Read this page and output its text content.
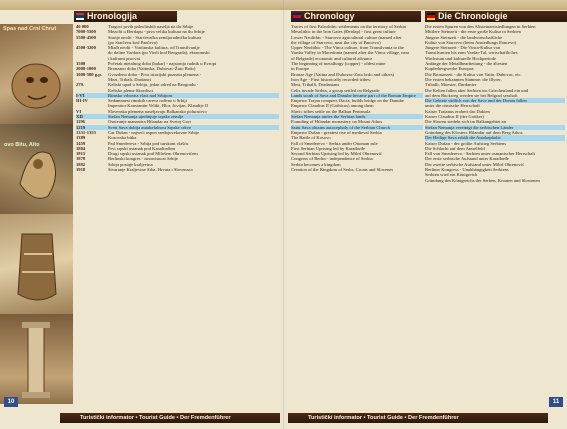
Hronologija	Chronology	Die Chronologie
Spas nad Crni Chrut
ovo Bitu, Alto
40 000	Tragovi prvih paleolitskih naselja na tlu Srbije
7000-5500	Mezolit u Đerdapu - prva velika kultura na tlu Srbije
5500-4500	Starije neolit - Starčevačka zemljoradnička kultura
(po Starčevu kod Pančeva)
4500-3200	Mlađi neolit - Vinčanska kultura, od Transilvanije
do doline Vardara (po Vinči kod Beograda), ekonomski
i kulturni procvat
3500	Početak metalnog doba (bakar) - najstarija rudnik u Evropi
2000-1000	Bronzano doba (Vatinska, Dubovac-Žuto Brdo)
1000-500 g.p.	Gvozdeno doba - Prva istorijski poznata plemena -
Mezi, Tribali, Dardanci
279.	Keltski upad u Srbiju, jedan odred na Beogradu -
Keltsko pleme Skordisci
I-VI	Rimsko vrhovna vlast nad Srbijom
III-IV	Sedamnaest rimskih careva rođeno u Srbiji
Imperator Konstantin Veliki, Hlor, Jovijan, Klaudije II
VI	Slovenska plemena naseljavaju Balkansko poluostrvo
XII	Stefan Nemanja ujedinjuje srpske zemlje
1196	Osnivanje manastira Hilandar na Svetoj Gori
1219	Sveti Sava dobija autokefalnost Srpske crkve
1331-1355	Car Dušan - najveći uspon srednjovekovne Srbije
1389	Kosovska bitka
1459	Pad Smedereva - Srbija pod turskom vlašću
1804	Prvi srpski ustanak pod Karađorđem
1815	Drugi srpski ustanak pod Milošem Obrenovićem
1878	Berlinski kongres - nezavisnost Srbije
1882	Srbija postaje kraljevina
1918	Stvaranje Kraljevine Srba, Hrvata i Slovenaca
Traces of first Paleolithic settlements on the territory of Serbia
Mesolithic in the Iron Gates (Đerdap) - first great culture
Lower Neolithic - Starcevo agricultural culture (named after
the village of Starcevo, near the city of Pancevo)
Upper Neolithic - The Vinca culture, from Transilvania to the
Vardar Valley in Macedonia (named after the Vinca village, near
of Belgrade) economic and cultural advance
The beginning of metallurgy (copper) - oldest mine
in Europe
Bronze Age (Vatina and Dubovac-Zuto brdo and others)
Iron Age - First historically recorded tribes:
Mesi, Triballi, Dardanians
Celts invade Serbia, a group settled on Belgrade
Lands south of Sava and Danube became part of the Roman Empire
Emperor Trajan conquers Dacia, builds bridge on the Danube
Emperor Claudius II (Gothicus) among them
Slavic tribes settle on the Balkan Peninsula
Stefan Nemanja unites the Serbian lands
Founding of Hilandar monastery on Mount Athos
Saint Sava obtains autocephaly of the Serbian Church
Emperor Dušan - greatest rise of medieval Serbia
The Battle of Kosovo
Fall of Smederevo - Serbia under Ottoman rule
First Serbian Uprising led by Karađorđe
Second Serbian Uprising led by Miloš Obrenović
Congress of Berlin - independence of Serbia
Serbia becomes a kingdom
Creation of the Kingdom of Serbs, Croats and Slovenes
Die ersten Spuren von den Altsteinzeitsiedlungen in Serbien
Mittlere Steinzeit - die erste große Kultur in Serbien
Jüngere Steinzeit - die landwirtschaftliche
Kultur von Starcevo (beim Ansiedlungs Pancevo)
Jüngere Steinzeit - Die Vinca-Kultur von
Transilvanien bis zum Vardar-Tal, wirtschaftliches
Wachstum und kulturelle Hochperiode
Anfänge der Metallbearbeitung - die ältesten
Kupferbergwerke Europas
Die Bronzezeit - die Kultur von Vatin, Dubovac, etc.
Die ersten bekannten Stämme: die Illyrer,
Triballi, Moesier, Dardanier
Die Kelten fallen aber Serbien ins Griechenland ein und
auf dem Rückweg werden sie bei Belgrad sesshaft
Die Gebiete südlich von der Save und der Donau fallen
unter die römische Herrschaft
Kaiser Traianus erobert das Dakien
Kaiser Claudius II (der Gotiker)
Die Slawen siedeln sich im Balkangebiet an
Stefan Nemanja vereinigt die serbischen Länder
Gründung des Klosters Hilandar auf dem Berg Athos
Der Heilige Sava erhält die Autokephalie
Kaiser Dušan - der größte Aufstieg Serbiens
Die Schlacht auf dem Amselfeld
Fall von Smederevo - Serbien unter osmanischer Herrschaft
Der erste serbische Aufstand unter Karađorđe
Der zweite serbische Aufstand unter Miloš Obrenović
Berliner Kongress - Unabhängigkeit Serbiens
Serbien wird ein Königreich
Gründung des Königreichs der Serben, Kroaten und Slowenen
10	11
Turistički informator • Tourist Guide • Der Fremdenführer	Turistički informator • Tourist Guide • Der Fremdenführer
